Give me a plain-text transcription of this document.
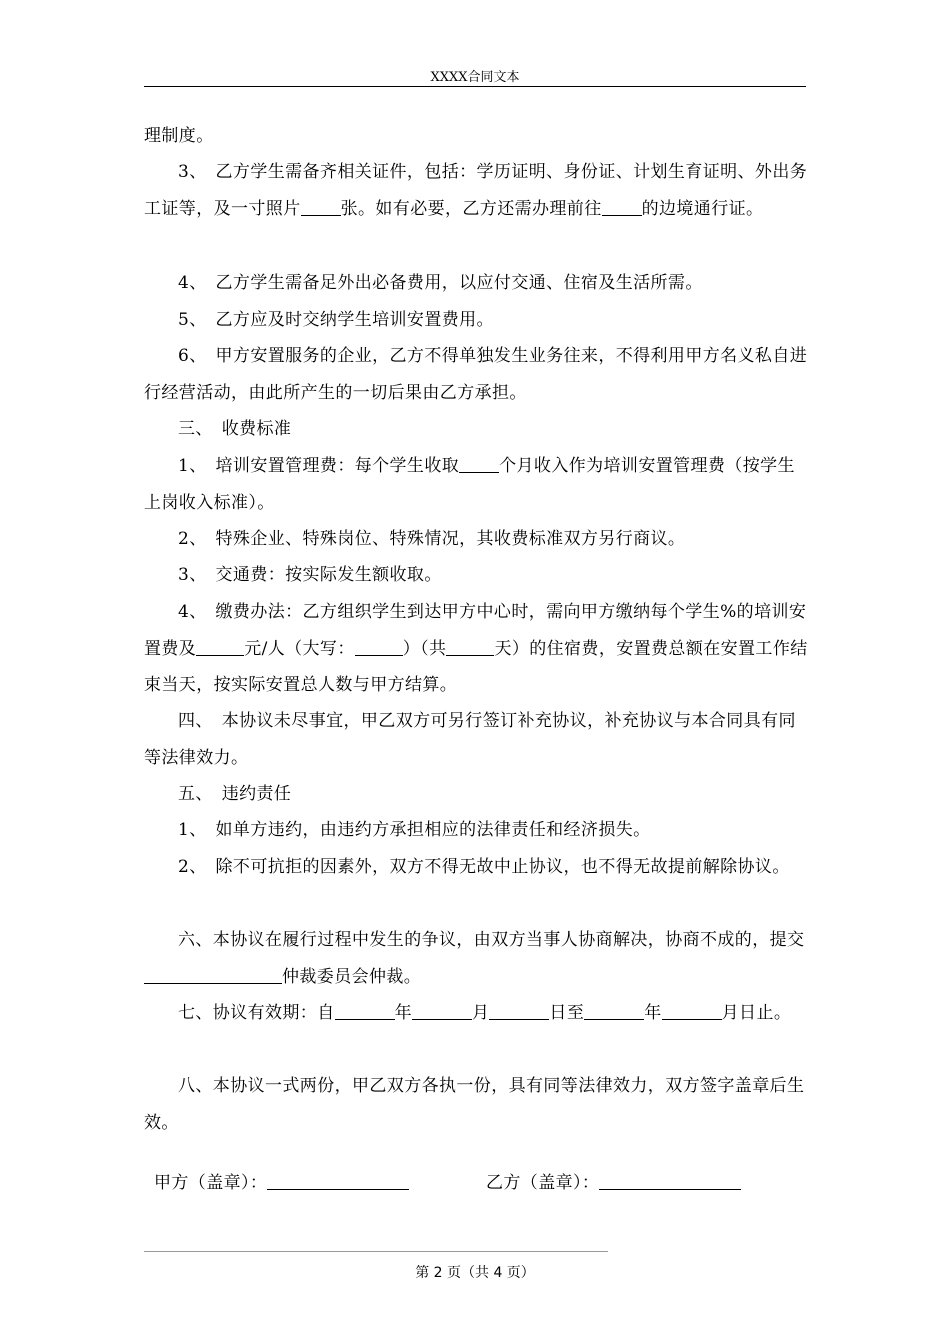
XXXX合同文本

理制度。

3、　乙方学生需备齐相关证件，包括：学历证明、身份证、计划生育证明、外出务工证等，及一寸照片 张。如有必要，乙方还需办理前往 的边境通行证。

4、　乙方学生需备足外出必备费用，以应付交通、住宿及生活所需。

5、　乙方应及时交纳学生培训安置费用。

6、　甲方安置服务的企业，乙方不得单独发生业务往来，不得利用甲方名义私自进行经营活动，由此所产生的一切后果由乙方承担。

三、　收费标准

1、　培训安置管理费：每个学生收取 个月收入作为培训安置管理费（按学生上岗收入标准）。

2、　特殊企业、特殊岗位、特殊情况，其收费标准双方另行商议。

3、　交通费：按实际发生额收取。

4、　缴费办法：乙方组织学生到达甲方中心时，需向甲方缴纳每个学生%的培训安置费及	元/人（大写：	）（共	天）的住宿费，安置费总额在安置工作结束当天，按实际安置总人数与甲方结算。

四、　本协议未尽事宜，甲乙双方可另行签订补充协议，补充协议与本合同具有同等法律效力。

五、　违约责任

1、　如单方违约，由违约方承担相应的法律责任和经济损失。

2、　除不可抗拒的因素外，双方不得无故中止协议，也不得无故提前解除协议。

六、本协议在履行过程中发生的争议，由双方当事人协商解决，协商不成的，提交仲裁委员会仲裁。

七、协议有效期：自	年	月	日至	年	月日止。

八、本协议一式两份，甲乙双方各执一份，具有同等法律效力，双方签字盖章后生效。

甲方（盖章）：	乙方（盖章）：
第 2 页（共 4 页）
